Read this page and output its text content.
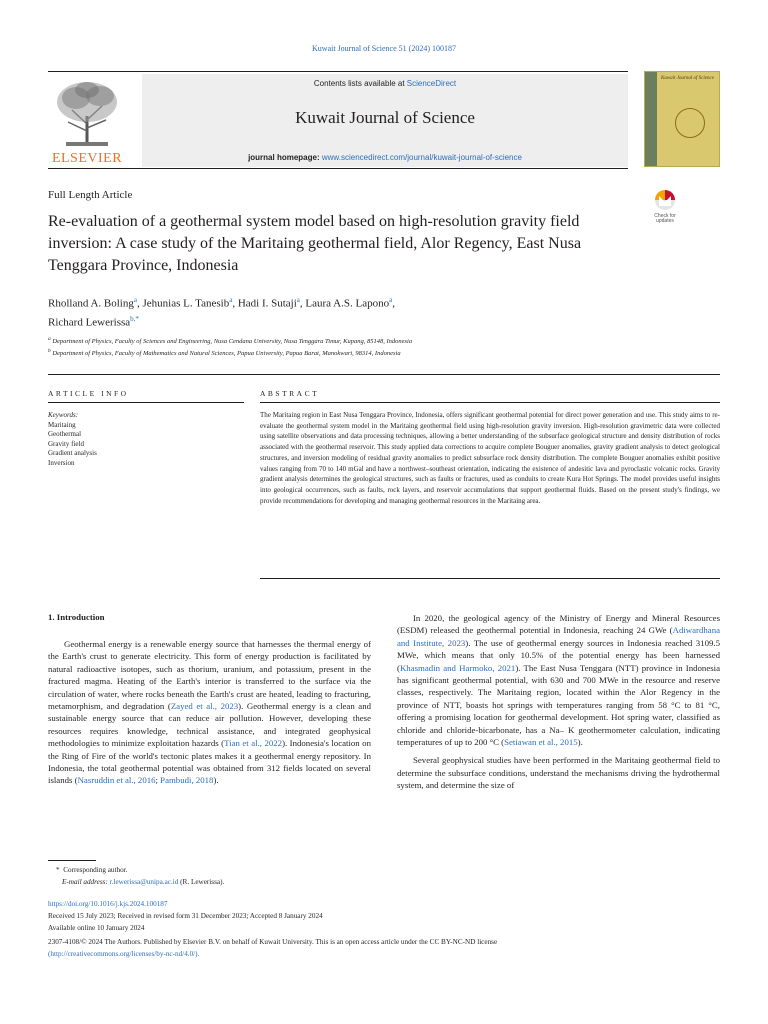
Kuwait Journal of Science 51 (2024) 100187
ELSEVIER
Contents lists available at ScienceDirect
Kuwait Journal of Science
journal homepage: www.sciencedirect.com/journal/kuwait-journal-of-science
Kuwait Journal of Science
Full Length Article
Re-evaluation of a geothermal system model based on high-resolution gravity field inversion: A case study of the Maritaing geothermal field, Alor Regency, East Nusa Tenggara Province, Indonesia
Check for updates
Rholland A. Boling$^a$, Jehunias L. Tanesib$^a$, Hadi I. Sutaji$^a$, Laura A.S. Lapono$^a$,
Richard Lewerissa$^{b,*}$
$^a$ Department of Physics, Faculty of Sciences and Engineering, Nusa Cendana University, Nusa Tenggara Timur, Kupang, 85148, Indonesia
$^b$ Department of Physics, Faculty of Mathematics and Natural Sciences, Papua University, Papua Barat, Manokwari, 98314, Indonesia
ARTICLE INFO	ABSTRACT
Keywords:
Maritaing
Geothermal
Gravity field
Gradient analysis
Inversion
The Maritaing region in East Nusa Tenggara Province, Indonesia, offers significant geothermal potential for direct power generation and use. This study aims to re-evaluate the geothermal system model in the Maritaing geothermal field using high-resolution gravity inversion. High-resolution gravimetric data were collected using satellite observations and data processing techniques, allowing a better understanding of the subsurface geological structure and density distribution of rocks associated with the geothermal reservoir. This study applied data corrections to acquire complete Bouguer anomalies, gravity gradient analysis to detect geological structures, and inversion modeling of residual gravity anomalies to predict subsurface rock density distribution. The complete Bouguer anomalies exhibit positive values ranging from 70 to 140 mGal and have a northwest–southeast orientation, indicating the existence of andesitic lava and pyroclastic volcanic rocks. Gravity gradient analysis determines the geological structures, such as faults or fractures, used as conduits to create Kura Hot Springs. The model provides useful insights into geological occurrences, such as faults, rock layers, and reservoir accumulations that support geothermal fluids. Based on the present study's findings, we provide recommendations for developing and managing geothermal resources in the Maritaing area.
1. Introduction

Geothermal energy is a renewable energy source that harnesses the thermal energy of the Earth's crust to generate electricity. This form of energy production is facilitated by natural radioactive isotopes, such as thorium, uranium, and potassium, present in the fractured magma. Heating of the Earth's interior is transferred to the surface via the circulation of water, where rocks beneath the Earth's crust are heated, leading to fracturing, metamorphism, and degradation (Zayed et al., 2023). Geothermal energy is a clean and sustainable energy source that can reduce air pollution. However, developing these resources requires knowledge, technical assistance, and integrated geophysical methodologies to minimize exploitation hazards (Tian et al., 2022). Indonesia's location on the Ring of Fire of the world's tectonic plates makes it a geothermal energy repository. In Indonesia, the total geothermal potential was obtained from 312 fields located on several islands (Nasruddin et al., 2016; Pambudi, 2018).

In 2020, the geological agency of the Ministry of Energy and Mineral Resources (ESDM) released the geothermal potential in Indonesia, reaching 24 GWe (Adiwardhana and Institute, 2023). The use of geothermal energy sources in Indonesia reached 3109.5 MWe, which means that only 10.5% of the potential energy has been harnessed (Khasmadin and Harmoko, 2021). The East Nusa Tenggara (NTT) province in Indonesia has significant geothermal potential, with 630 and 700 MWe in the resource and reserve classes, respectively. The Maritaing region, located within the Alor Regency in the province of NTT, boasts hot springs with temperatures ranging from 58 °C to 81 °C, offering a promising location for geothermal development. Hot spring water, classified as chloride and chloride-bicarbonate, has a Na– K geothermometer calculation, indicating temperatures of up to 200 °C (Setiawan et al., 2015).

Several geophysical studies have been performed in the Maritaing geothermal field to determine the subsurface conditions, understand the mechanisms driving the hydrothermal system, and determine the size of

* Corresponding author.
E-mail address: r.lewerissa@unipa.ac.id (R. Lewerissa).
https://doi.org/10.1016/j.kjs.2024.100187
Received 15 July 2023; Received in revised form 31 December 2023; Accepted 8 January 2024
Available online 10 January 2024
2307-4108/© 2024 The Authors. Published by Elsevier B.V. on behalf of Kuwait University. This is an open access article under the CC BY-NC-ND license
(http://creativecommons.org/licenses/by-nc-nd/4.0/).
